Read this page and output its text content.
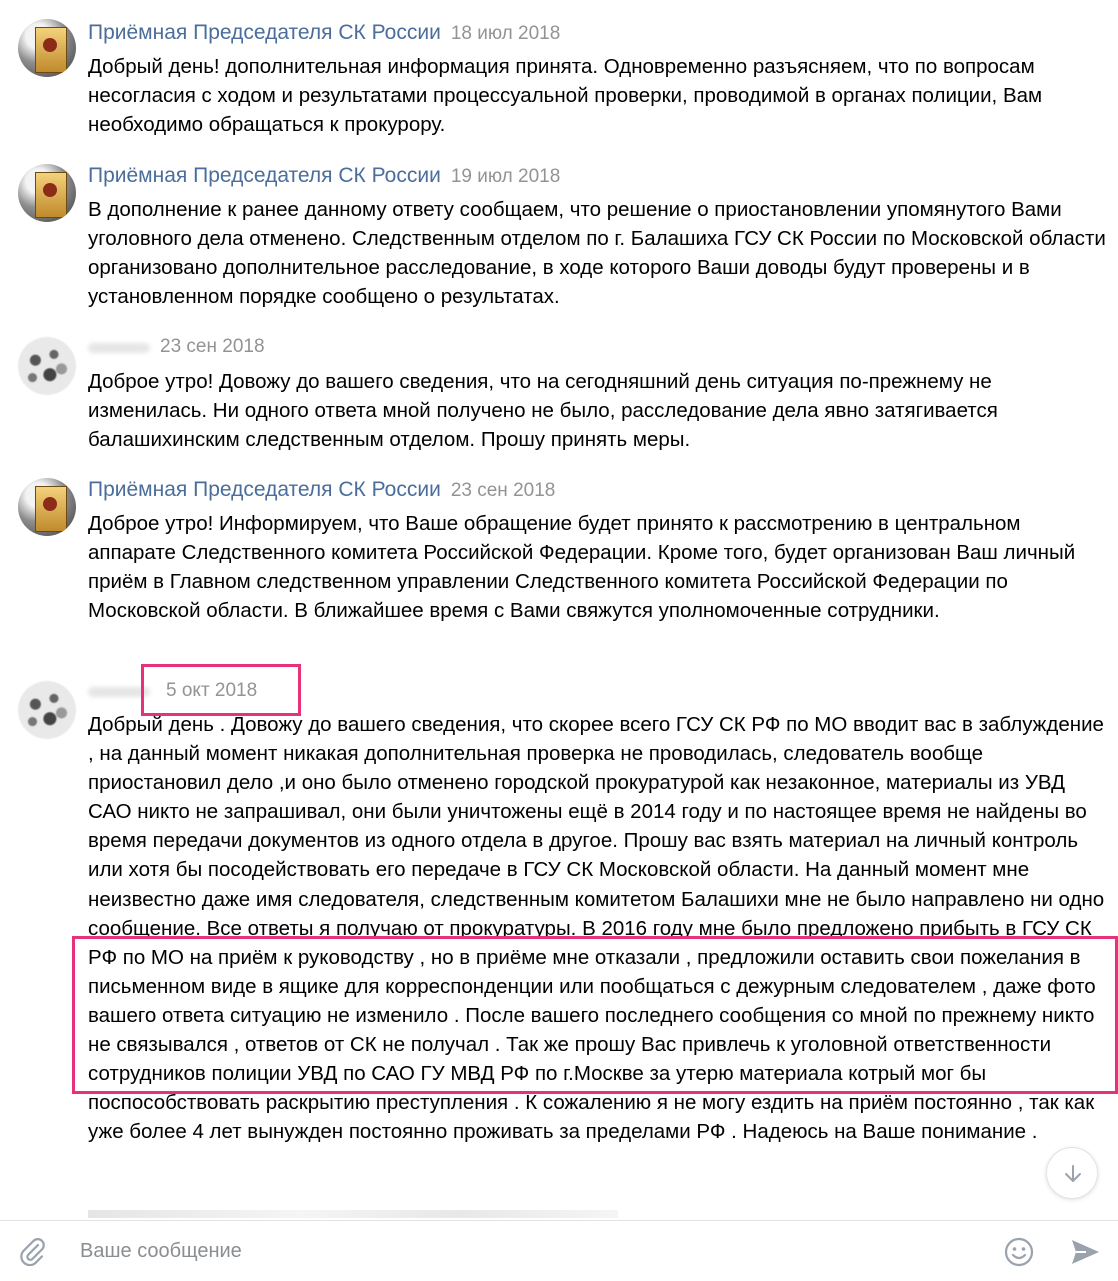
Приёмная Председателя СК России 18 июл 2018
Добрый день! дополнительная информация принята. Одновременно разъясняем, что по вопросам несогласия с ходом и результатами процессуальной проверки, проводимой в органах полиции, Вам необходимо обращаться к прокурору.
Приёмная Председателя СК России 19 июл 2018
В дополнение к ранее данному ответу сообщаем, что решение о приостановлении упомянутого Вами уголовного дела отменено. Следственным отделом по г. Балашиха ГСУ СК России по Московской области организовано дополнительное расследование, в ходе которого Ваши доводы будут проверены и в установленном порядке сообщено о результатах.
23 сен 2018
Доброе утро! Довожу до вашего сведения, что на сегодняшний день ситуация по-прежнему не изменилась. Ни одного ответа мной получено не было, расследование дела явно затягивается балашихинским следственным отделом. Прошу принять меры.
Приёмная Председателя СК России 23 сен 2018
Доброе утро! Информируем, что Ваше обращение будет принято к рассмотрению в центральном аппарате Следственного комитета Российской Федерации. Кроме того, будет организован Ваш личный приём в Главном следственном управлении Следственного комитета Российской Федерации по Московской области. В ближайшее время с Вами свяжутся уполномоченные сотрудники.
5 окт 2018
Добрый день . Довожу до вашего сведения, что скорее всего ГСУ СК РФ по МО вводит вас в заблуждение , на данный момент никакая дополнительная проверка не проводилась, следователь вообще приостановил дело ,и оно было отменено городской прокуратурой как незаконное, материалы из УВД САО никто не запрашивал, они были уничтожены ещё в 2014 году и по настоящее время не найдены во время передачи документов из одного отдела в другое. Прошу вас взять материал на личный контроль или хотя бы посодействовать его передаче в ГСУ СК Московской области. На данный момент мне неизвестно даже имя следователя, следственным комитетом Балашихи мне не было направлено ни одно сообщение. Все ответы я получаю от прокуратуры. В 2016 году мне было предложено прибыть в ГСУ СК РФ по МО на приём к руководству , но в приёме мне отказали , предложили оставить свои пожелания в письменном виде в ящике для корреспонденции или пообщаться с дежурным следователем , даже фото вашего ответа ситуацию не изменило . После вашего последнего сообщения со мной по прежнему никто не связывался , ответов от СК не получал . Так же прошу Вас привлечь к уголовной ответственности сотрудников полиции УВД по САО ГУ МВД РФ по г.Москве за утерю материала котрый мог бы поспособствовать раскрытию преступления . К сожалению я не могу ездить на приём постоянно , так как уже более 4 лет вынужден постоянно проживать за пределами РФ . Надеюсь на Ваше понимание .
Ваше сообщение
